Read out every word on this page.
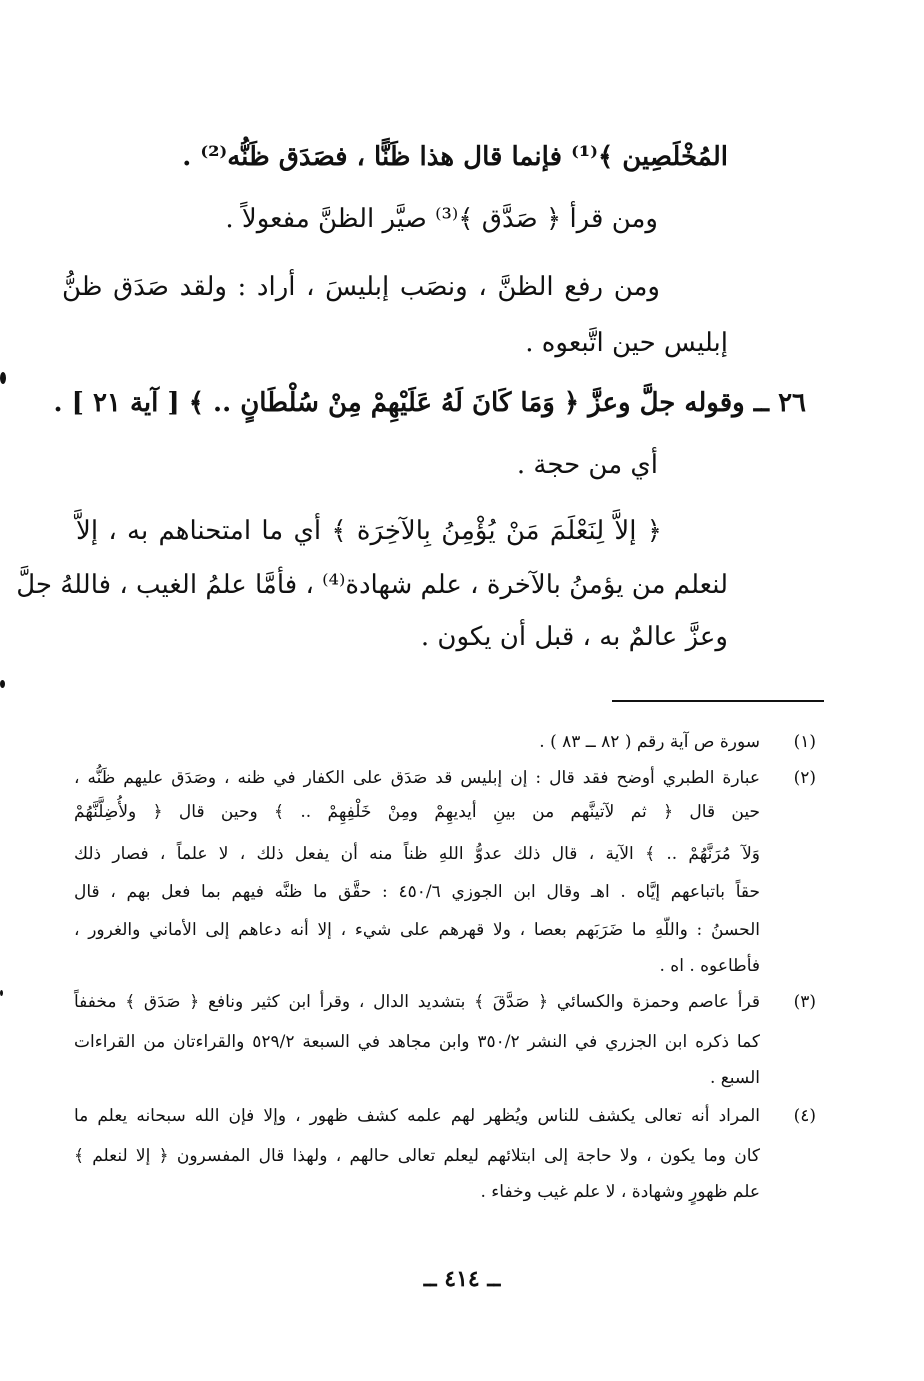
المُخْلَصِين ﴾⁽¹⁾ فإنما قال هذا ظَنًّا ، فصَدَق ظَنُّه⁽²⁾ .
ومن قرأ ﴿ صَدَّق ﴾⁽³⁾ صيَّر الظنَّ مفعولاً .
ومن رفع الظنَّ ، ونصَب إبليسَ ، أراد : ولقد صَدَق ظنُّ
إبليس حين اتَّبعوه .
٢٦ ــ وقوله جلَّ وعزَّ ﴿ وَمَا كَانَ لَهُ عَلَيْهِمْ مِنْ سُلْطَانٍ .. ﴾ [ آية ٢١ ] .
أي من حجة .
﴿ إلاَّ لِنَعْلَمَ مَنْ يُؤْمِنُ بِالآخِرَة ﴾ أي ما امتحناهم به ، إلاَّ
لنعلم من يؤمنُ بالآخرة ، علم شهادة⁽⁴⁾ ، فأمَّا علمُ الغيب ، فاللهُ جلَّ
وعزَّ عالمٌ به ، قبل أن يكون .
(١)
سورة ص آية رقم ( ٨٢ ــ ٨٣ ) .
(٢)
عبارة الطبري أوضح فقد قال : إن إبليس قد صَدَق على الكفار في ظنه ، وصَدَق عليهم ظَنُّه ،
حين قال ﴿ ثم لآتينَّهم من بينِ أيديهِمْ ومِنْ خَلْفِهِمْ .. ﴾ وحين قال ﴿ ولأُضِلَّنَّهُمْ
وَلآ مُرَنَّهُمْ .. ﴾ الآية ، قال ذلك عدوُّ اللهِ ظناً منه أن يفعل ذلك ، لا علماً ، فصار ذلك
حقاً باتباعهم إيَّاه . اهـ وقال ابن الجوزي ٤٥٠/٦ : حقَّق ما ظنَّه فيهم بما فعل بهم ، قال
الحسنُ : واللّهِ ما ضَرَبَهم بعصا ، ولا قهرهم على شيء ، إلا أنه دعاهم إلى الأماني والغرور ،
فأطاعوه . اه .
(٣)
قرأ عاصم وحمزة والكسائي ﴿ صَدَّقَ ﴾ بتشديد الدال ، وقرأ ابن كثير ونافع ﴿ صَدَق ﴾ مخففاً
كما ذكره ابن الجزري في النشر ٣٥٠/٢ وابن مجاهد في السبعة ٥٢٩/٢ والقراءتان من القراءات
السبع .
(٤)
المراد أنه تعالى يكشف للناس ويُظهر لهم علمه كشف ظهور ، وإلا فإن الله سبحانه يعلم ما
كان وما يكون ، ولا حاجة إلى ابتلائهم ليعلم تعالى حالهم ، ولهذا قال المفسرون ﴿ إلا لنعلم ﴾
علم ظهورٍ وشهادة ، لا علم غيب وخفاء .
ــ ٤١٤ ــ
